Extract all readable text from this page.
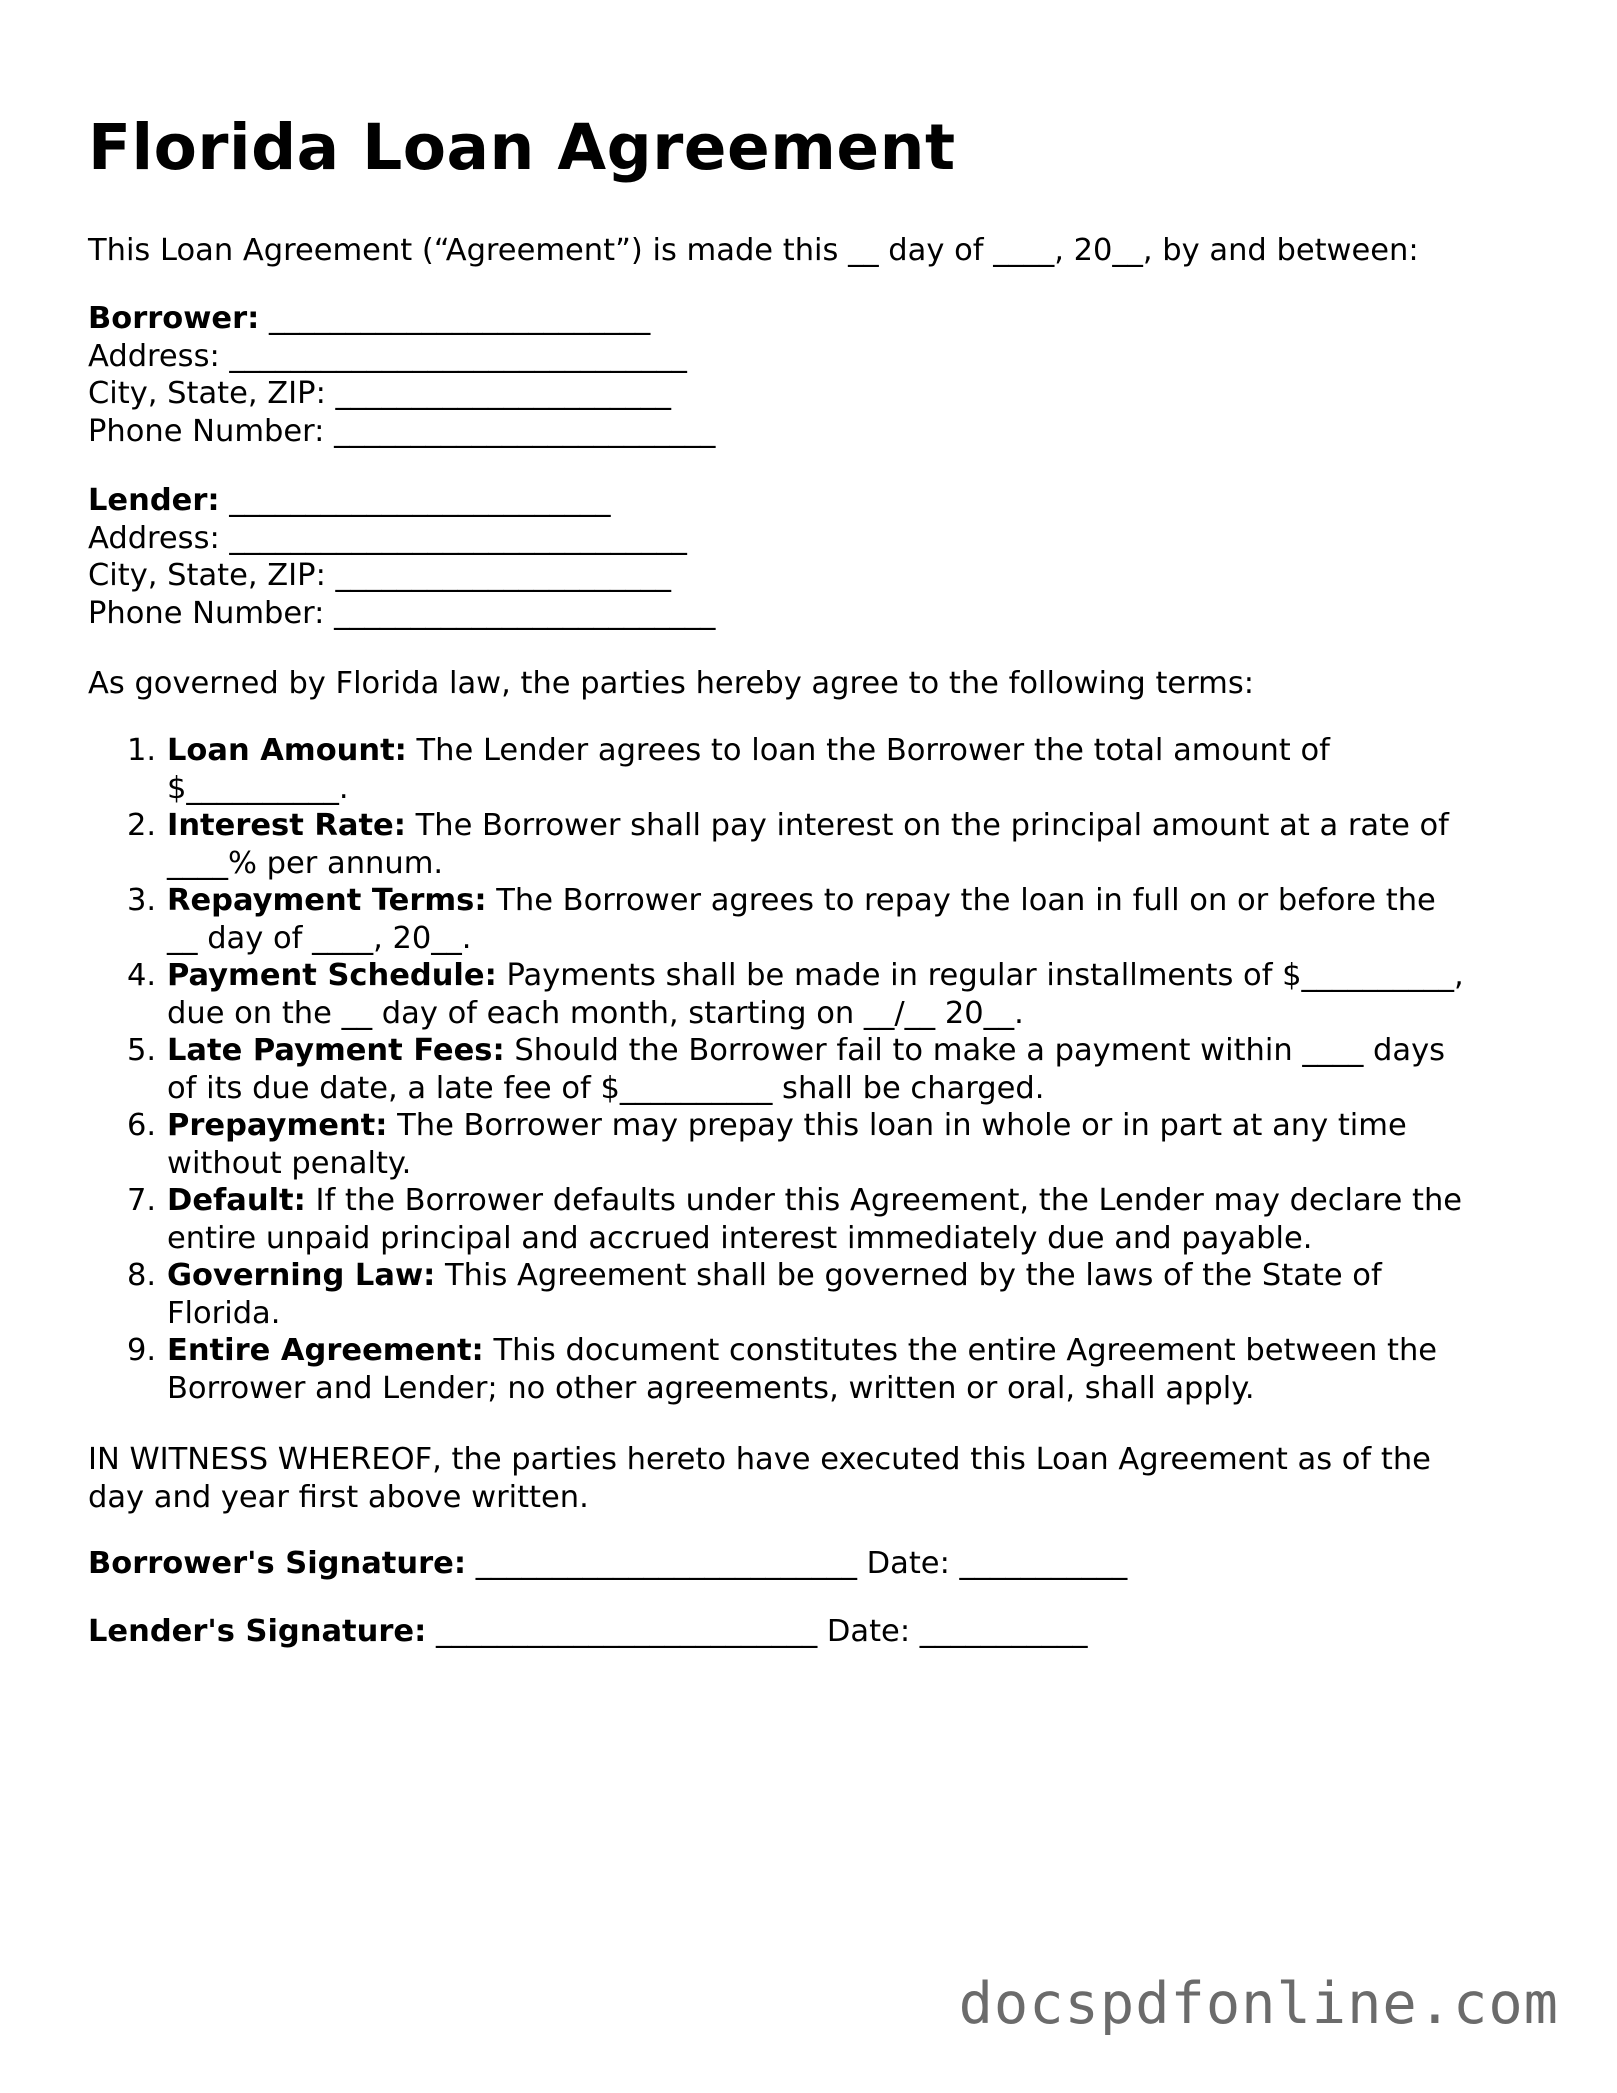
Florida Loan Agreement
This Loan Agreement (“Agreement”) is made this __ day of ____, 20__, by and between:
Borrower: _________________________
Address: ______________________________
City, State, ZIP: ______________________
Phone Number: _________________________
Lender: _________________________
Address: ______________________________
City, State, ZIP: ______________________
Phone Number: _________________________
As governed by Florida law, the parties hereby agree to the following terms:
1. Loan Amount: The Lender agrees to loan the Borrower the total amount of
$__________.
2. Interest Rate: The Borrower shall pay interest on the principal amount at a rate of
____% per annum.
3. Repayment Terms: The Borrower agrees to repay the loan in full on or before the
__ day of ____, 20__.
4. Payment Schedule: Payments shall be made in regular installments of $__________,
due on the __ day of each month, starting on __/__ 20__.
5. Late Payment Fees: Should the Borrower fail to make a payment within ____ days
of its due date, a late fee of $__________ shall be charged.
6. Prepayment: The Borrower may prepay this loan in whole or in part at any time
without penalty.
7. Default: If the Borrower defaults under this Agreement, the Lender may declare the
entire unpaid principal and accrued interest immediately due and payable.
8. Governing Law: This Agreement shall be governed by the laws of the State of
Florida.
9. Entire Agreement: This document constitutes the entire Agreement between the
Borrower and Lender; no other agreements, written or oral, shall apply.
IN WITNESS WHEREOF, the parties hereto have executed this Loan Agreement as of the
day and year first above written.
Borrower's Signature: _________________________ Date: ___________
Lender's Signature: _________________________ Date: ___________
docspdfonline.com
